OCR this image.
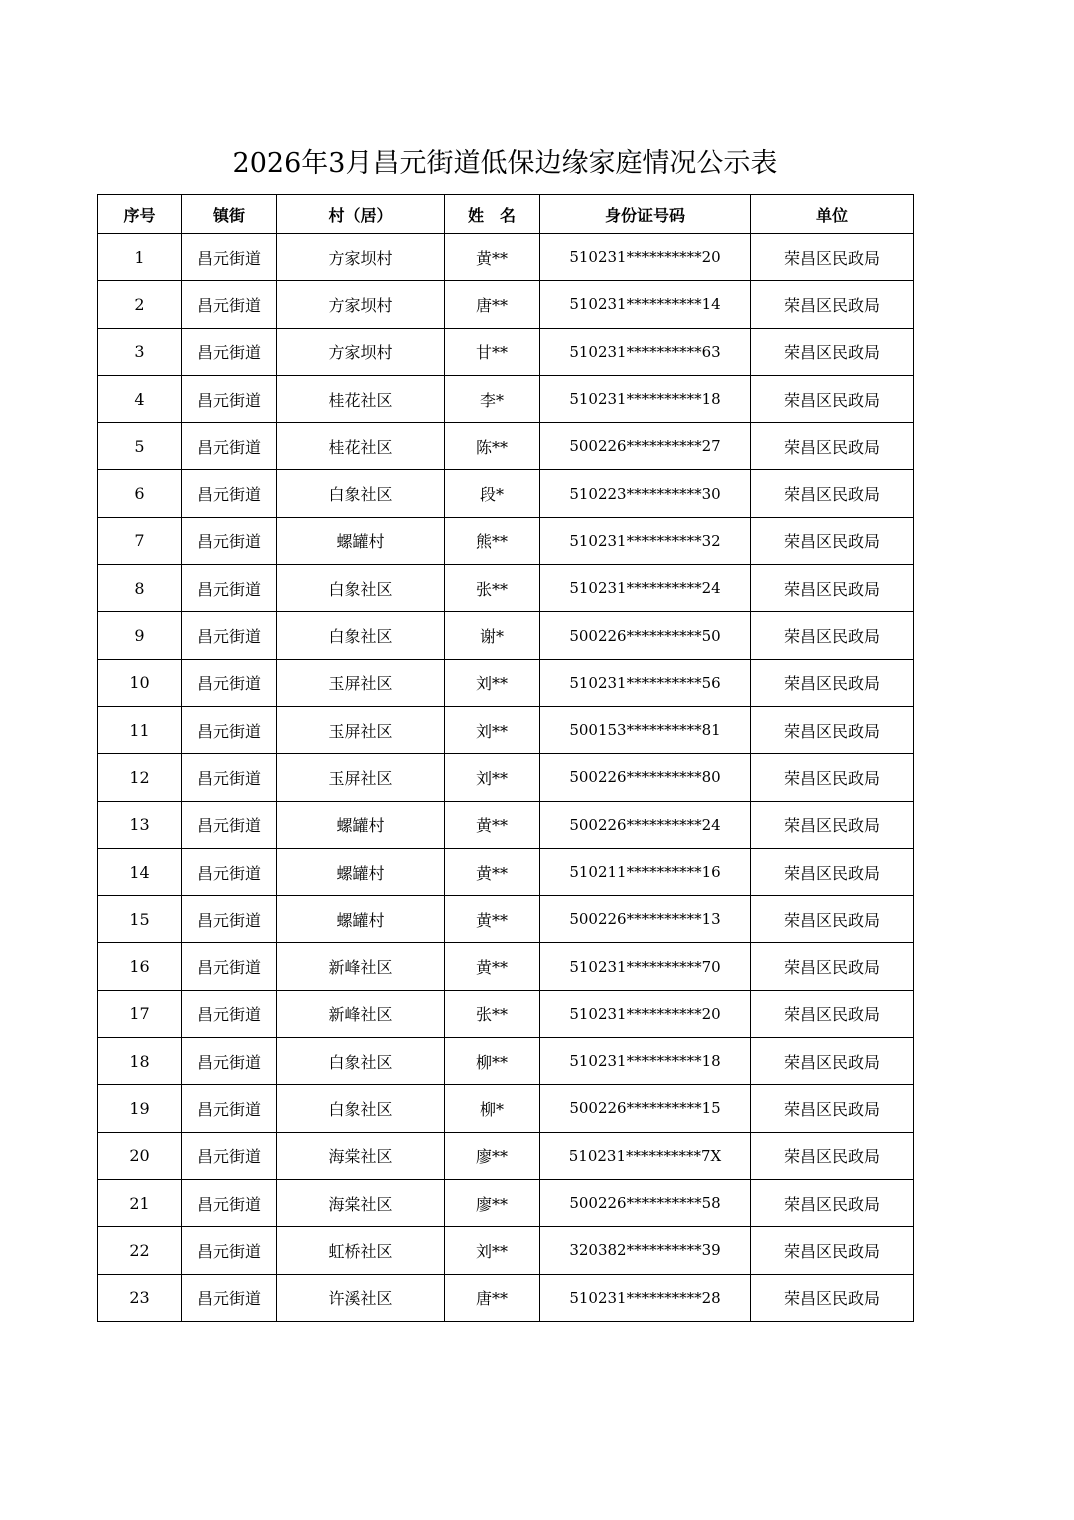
2026年3月昌元街道低保边缘家庭情况公示表
序号	镇街	村（居）	姓　名	身份证号码	单位
1	昌元街道	方家坝村	黄**	510231**********20	荣昌区民政局
2	昌元街道	方家坝村	唐**	510231**********14	荣昌区民政局
3	昌元街道	方家坝村	甘**	510231**********63	荣昌区民政局
4	昌元街道	桂花社区	李*	510231**********18	荣昌区民政局
5	昌元街道	桂花社区	陈**	500226**********27	荣昌区民政局
6	昌元街道	白象社区	段*	510223**********30	荣昌区民政局
7	昌元街道	螺罐村	熊**	510231**********32	荣昌区民政局
8	昌元街道	白象社区	张**	510231**********24	荣昌区民政局
9	昌元街道	白象社区	谢*	500226**********50	荣昌区民政局
10	昌元街道	玉屏社区	刘**	510231**********56	荣昌区民政局
11	昌元街道	玉屏社区	刘**	500153**********81	荣昌区民政局
12	昌元街道	玉屏社区	刘**	500226**********80	荣昌区民政局
13	昌元街道	螺罐村	黄**	500226**********24	荣昌区民政局
14	昌元街道	螺罐村	黄**	510211**********16	荣昌区民政局
15	昌元街道	螺罐村	黄**	500226**********13	荣昌区民政局
16	昌元街道	新峰社区	黄**	510231**********70	荣昌区民政局
17	昌元街道	新峰社区	张**	510231**********20	荣昌区民政局
18	昌元街道	白象社区	柳**	510231**********18	荣昌区民政局
19	昌元街道	白象社区	柳*	500226**********15	荣昌区民政局
20	昌元街道	海棠社区	廖**	510231**********7X	荣昌区民政局
21	昌元街道	海棠社区	廖**	500226**********58	荣昌区民政局
22	昌元街道	虹桥社区	刘**	320382**********39	荣昌区民政局
23	昌元街道	许溪社区	唐**	510231**********28	荣昌区民政局
